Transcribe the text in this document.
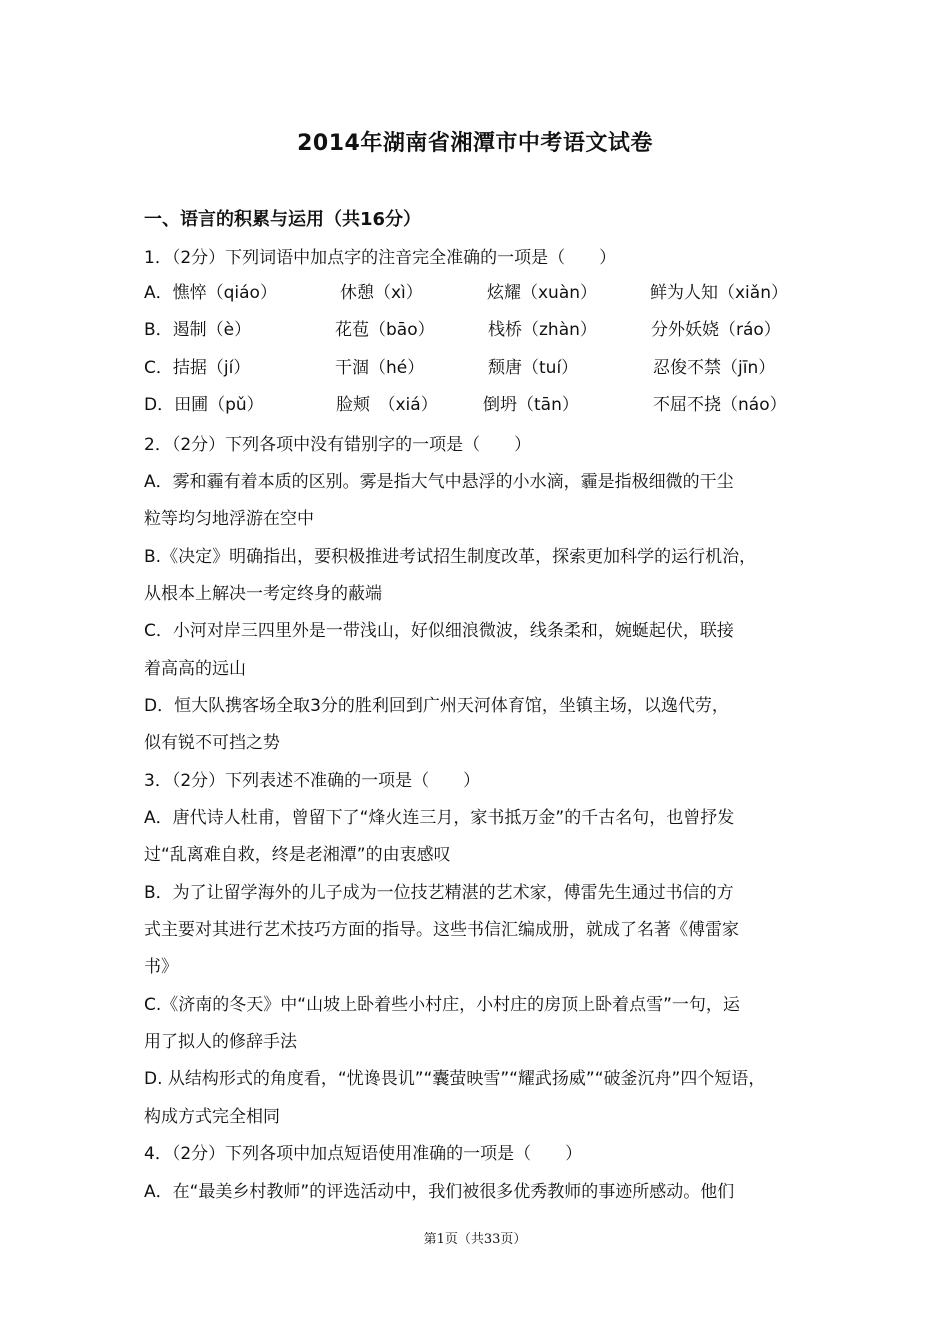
2014年湖南省湘潭市中考语文试卷
一、语言的积累与运用（共16分）
1．（2分）下列词语中加点字的注音完全准确的一项是（　　）
A．憔悴（qiáo）	休憩（xì）	炫耀（xuàn）	鲜为人知（xiǎn）
B．遏制（è）	花苞（bāo）	栈桥（zhàn）	分外妖娆（ráo）
C．拮据（jí）	干涸（hé）	颓唐（tuí）	忍俊不禁（jīn）
D．田圃（pǔ）	脸颊　（xiá）	倒坍（tān）	不屈不挠（náo）
2．（2分）下列各项中没有错别字的一项是（　　）
A．雾和霾有着本质的区别。雾是指大气中悬浮的小水滴，霾是指极细微的干尘
粒等均匀地浮游在空中
B.《决定》明确指出，要积极推进考试招生制度改革，探索更加科学的运行机治，
从根本上解决一考定终身的蔽端
C．小河对岸三四里外是一带浅山，好似细浪微波，线条柔和，婉蜒起伏，联接
着高高的远山
D．恒大队携客场全取3分的胜利回到广州天河体育馆，坐镇主场，以逸代劳，
似有锐不可挡之势
3．（2分）下列表述不准确的一项是（　　）
A．唐代诗人杜甫，曾留下了“烽火连三月，家书抵万金”的千古名句，也曾抒发
过“乱离难自救，终是老湘潭”的由衷感叹
B．为了让留学海外的儿子成为一位技艺精湛的艺术家，傅雷先生通过书信的方
式主要对其进行艺术技巧方面的指导。这些书信汇编成册，就成了名著《傅雷家
书》
C.《济南的冬天》中“山坡上卧着些小村庄，小村庄的房顶上卧着点雪”一句，运
用了拟人的修辞手法
D. 从结构形式的角度看，“忧谗畏讥”“囊萤映雪”“耀武扬威”“破釜沉舟”四个短语，
构成方式完全相同
4．（2分）下列各项中加点短语使用准确的一项是（　　）
A．在“最美乡村教师”的评选活动中，我们被很多优秀教师的事迹所感动。他们
第1页（共33页）
